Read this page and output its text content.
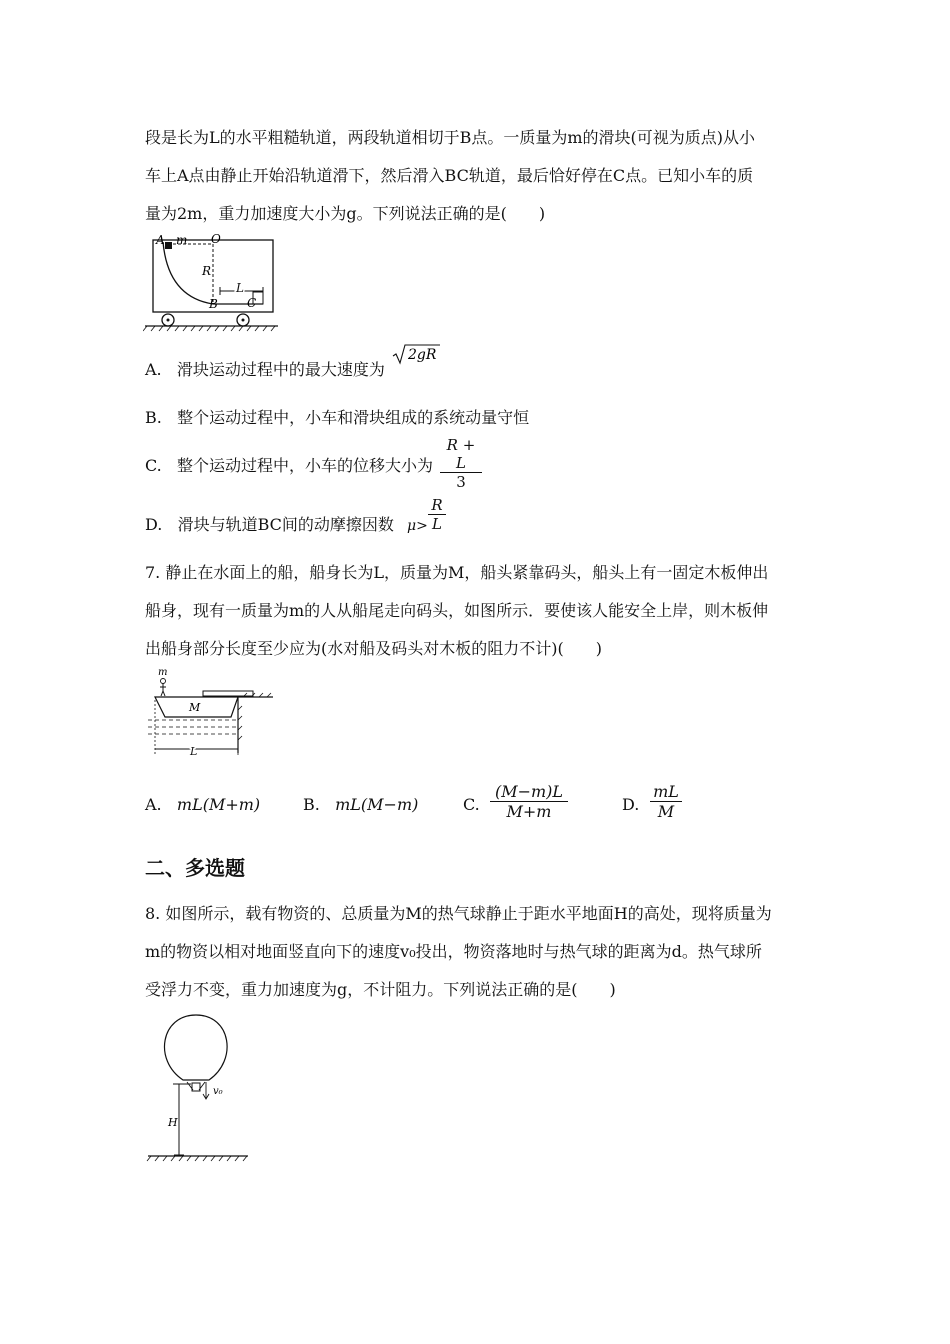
段是长为L的水平粗糙轨道，两段轨道相切于B点。一质量为m的滑块(可视为质点)从小
车上A点由静止开始沿轨道滑下，然后滑入BC轨道，最后恰好停在C点。已知小车的质
量为2m，重力加速度大小为g。下列说法正确的是(　　)
A m O
R
L
B C
A. 滑块运动过程中的最大速度为
2gR
B. 整个运动过程中，小车和滑块组成的系统动量守恒
C. 整个运动过程中，小车的位移大小为
R + L
3
D. 滑块与轨道BC间的动摩擦因数 μ>
R
L
7. 静止在水面上的船，船身长为L，质量为M，船头紧靠码头，船头上有一固定木板伸出
船身，现有一质量为m的人从船尾走向码头，如图所示．要使该人能安全上岸，则木板伸
出船身部分长度至少应为(水对船及码头对木板的阻力不计)(　　)
m
M
L
A. mL(M+m)	B. mL(M−m)	C.
(M−m)L
M+m	D.
mL
M
二、多选题
8. 如图所示，载有物资的、总质量为M的热气球静止于距水平地面H的高处，现将质量为
m的物资以相对地面竖直向下的速度v₀投出，物资落地时与热气球的距离为d。热气球所
受浮力不变，重力加速度为g，不计阻力。下列说法正确的是(　　)
H
v₀
